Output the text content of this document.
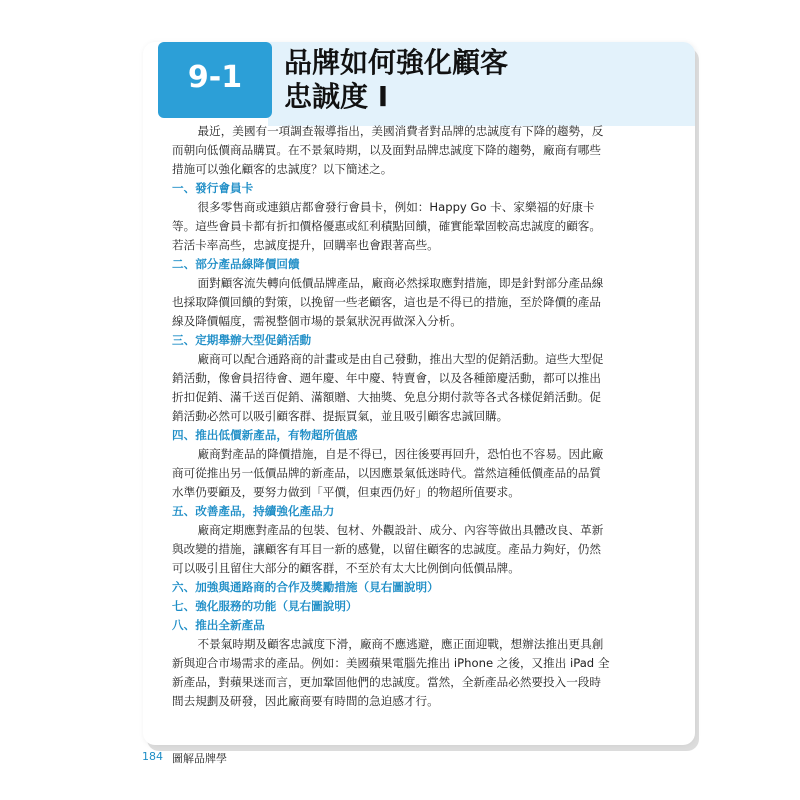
9-1	品牌如何強化顧客
忠誠度 I

最近，美國有一項調查報導指出，美國消費者對品牌的忠誠度有下降的趨勢，反而朝向低價商品購買。在不景氣時期，以及面對品牌忠誠度下降的趨勢，廠商有哪些措施可以強化顧客的忠誠度？以下簡述之。

一、發行會員卡

很多零售商或連鎖店都會發行會員卡，例如：Happy Go 卡、家樂福的好康卡等。這些會員卡都有折扣價格優惠或紅利積點回饋，確實能鞏固較高忠誠度的顧客。若活卡率高些，忠誠度提升，回購率也會跟著高些。

二、部分產品線降價回饋

面對顧客流失轉向低價品牌產品，廠商必然採取應對措施，即是針對部分產品線也採取降價回饋的對策，以挽留一些老顧客，這也是不得已的措施，至於降價的產品線及降價幅度，需視整個市場的景氣狀況再做深入分析。

三、定期舉辦大型促銷活動

廠商可以配合通路商的計畫或是由自己發動，推出大型的促銷活動。這些大型促銷活動，像會員招待會、週年慶、年中慶、特賣會，以及各種節慶活動，都可以推出折扣促銷、滿千送百促銷、滿額贈、大抽獎、免息分期付款等各式各樣促銷活動。促銷活動必然可以吸引顧客群、提振買氣，並且吸引顧客忠誠回購。

四、推出低價新產品，有物超所值感

廠商對產品的降價措施，自是不得已，因往後要再回升，恐怕也不容易。因此廠商可從推出另一低價品牌的新產品，以因應景氣低迷時代。當然這種低價產品的品質水準仍要顧及，要努力做到「平價，但東西仍好」的物超所值要求。

五、改善產品，持續強化產品力

廠商定期應對產品的包裝、包材、外觀設計、成分、內容等做出具體改良、革新與改變的措施，讓顧客有耳目一新的感覺，以留住顧客的忠誠度。產品力夠好，仍然可以吸引且留住大部分的顧客群，不至於有太大比例倒向低價品牌。

六、加強與通路商的合作及獎勵措施（見右圖說明）

七、強化服務的功能（見右圖說明）

八、推出全新產品

不景氣時期及顧客忠誠度下滑，廠商不應逃避，應正面迎戰，想辦法推出更具創新與迎合市場需求的產品。例如：美國蘋果電腦先推出 iPhone 之後，又推出 iPad 全新產品，對蘋果迷而言，更加鞏固他們的忠誠度。當然，全新產品必然要投入一段時間去規劃及研發，因此廠商要有時間的急迫感才行。

184 圖解品牌學
